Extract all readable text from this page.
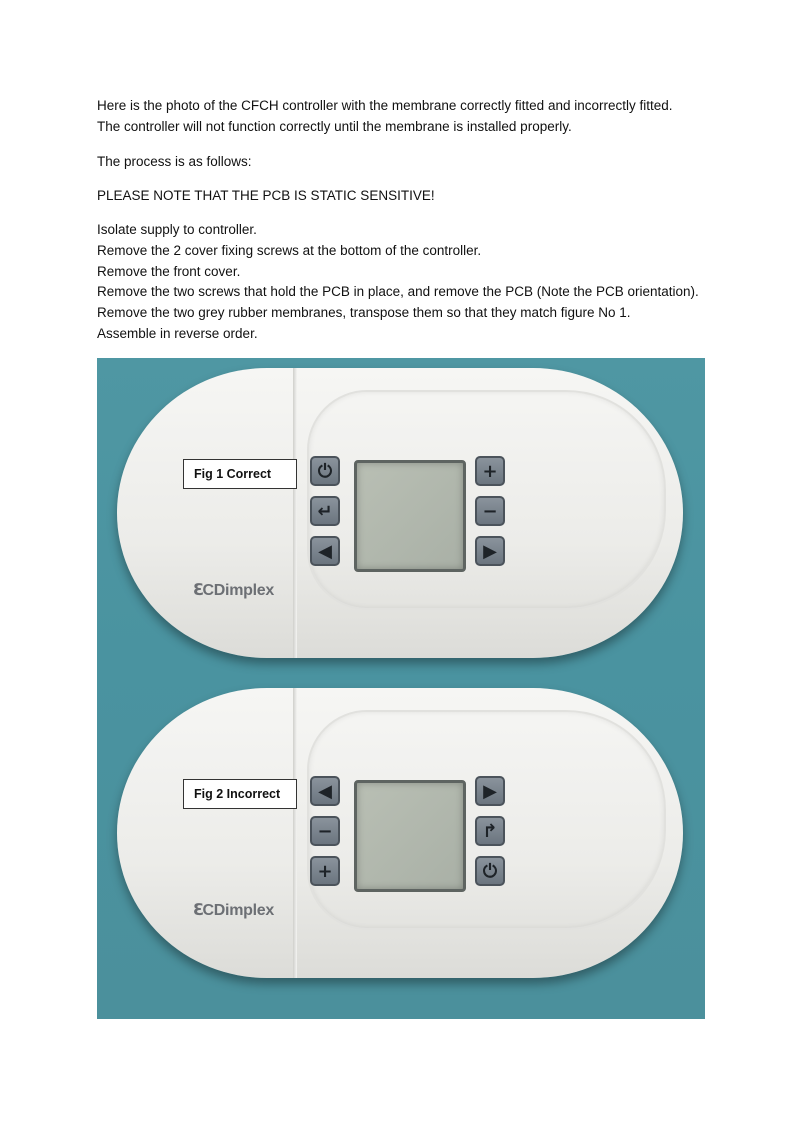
Here is the photo of the CFCH controller with the membrane correctly fitted and incorrectly fitted.

The controller will not function correctly until the membrane is installed properly.

The process is as follows:
PLEASE NOTE THAT THE PCB IS STATIC SENSITIVE!

Isolate supply to controller.

Remove the 2 cover fixing screws at the bottom of the controller.

Remove the front cover.

Remove the two screws that hold the PCB in place, and remove the PCB (Note the PCB orientation).

Remove the two grey rubber membranes, transpose them so that they match figure No 1.

Assemble in reverse order.

⏻
↵
◀
+
−
▶
ℇCDimplex
Fig 1 Correct
◀
−
+
▶
↱
⏻
ℇCDimplex
Fig 2 Incorrect
